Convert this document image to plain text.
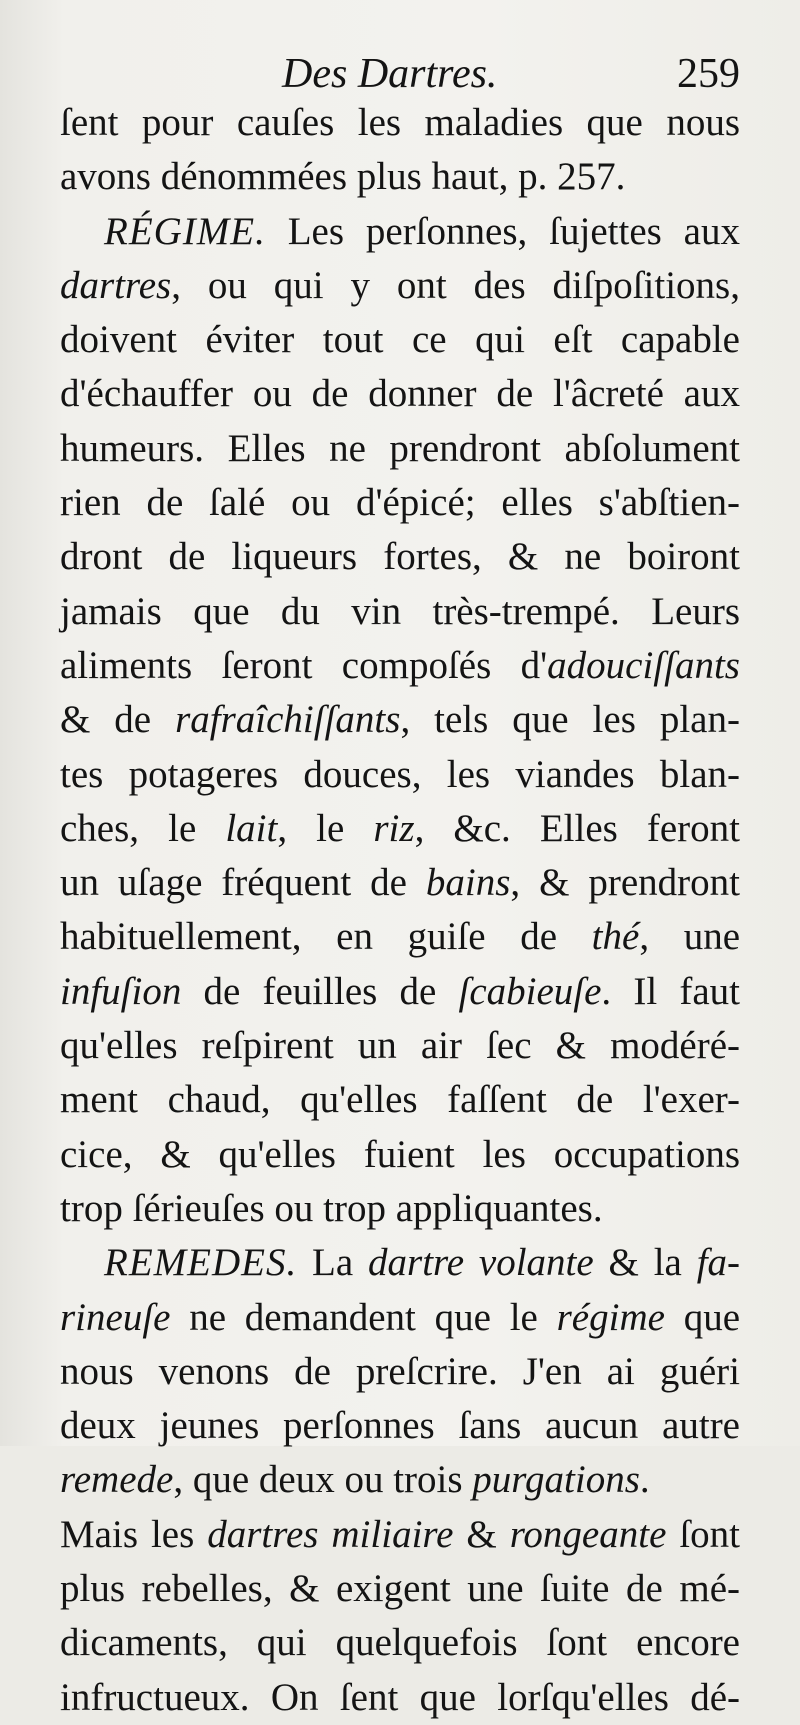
Des Dartres.	259
ſent pour cauſes les maladies que nous
avons dénommées plus haut, p. 257.
RÉGIME. Les perſonnes, ſujettes aux
dartres, ou qui y ont des diſpoſitions,
doivent éviter tout ce qui eſt capable
d'échauffer ou de donner de l'âcreté aux
humeurs. Elles ne prendront abſolument
rien de ſalé ou d'épicé; elles s'abſtien-
dront de liqueurs fortes, & ne boiront
jamais que du vin très-trempé. Leurs
aliments ſeront compoſés d'adouciſſants
& de rafraîchiſſants, tels que les plan-
tes potageres douces, les viandes blan-
ches, le lait, le riz, &c. Elles feront
un uſage fréquent de bains, & prendront
habituellement, en guiſe de thé, une
infuſion de feuilles de ſcabieuſe. Il faut
qu'elles reſpirent un air ſec & modéré-
ment chaud, qu'elles faſſent de l'exer-
cice, & qu'elles fuient les occupations
trop ſérieuſes ou trop appliquantes.
REMEDES. La dartre volante & la fa-
rineuſe ne demandent que le régime que
nous venons de preſcrire. J'en ai guéri
deux jeunes perſonnes ſans aucun autre
remede, que deux ou trois purgations.
Mais les dartres miliaire & rongeante ſont
plus rebelles, & exigent une ſuite de mé-
dicaments, qui quelquefois ſont encore
infructueux. On ſent que lorſqu'elles dé-
